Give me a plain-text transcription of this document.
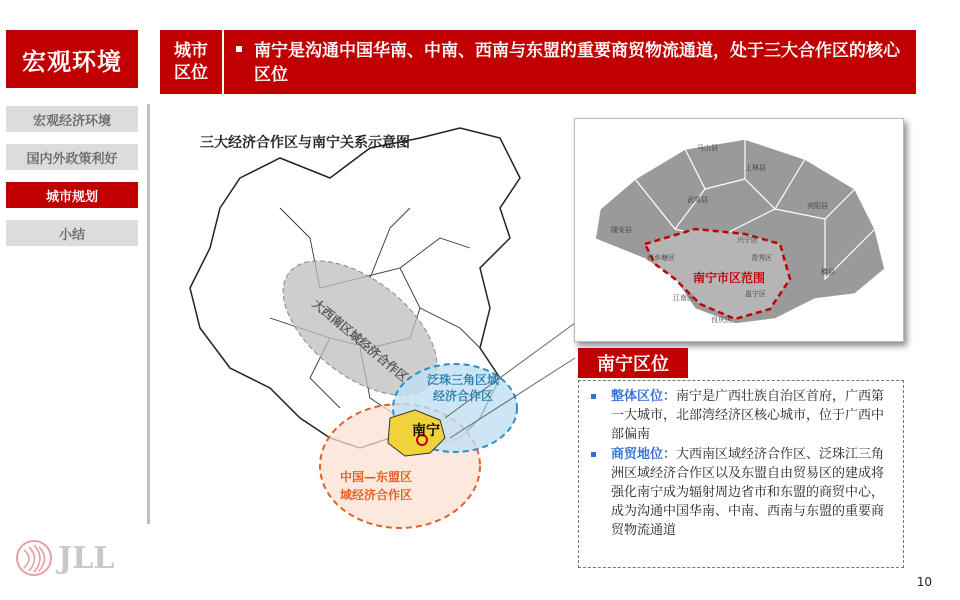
宏观环境	城市
区位
南宁是沟通中国华南、中南、西南与东盟的重要商贸物流通道，处于三大合作区的核心区位
宏观经济环境
国内外政策利好
城市规划
小结
三大经济合作区与南宁关系示意图
大西南区域经济合作区	泛珠三角区域
经济合作区
中国—东盟区
域经济合作区
南宁
马山县
上林县
武鸣县
宾阳县
隆安县
西乡塘区
兴宁区
青秀区
江南区	邕宁区
良庆区
横县
南宁市区范围
南宁区位
整体区位：南宁是广西壮族自治区首府，广西第一大城市，北部湾经济区核心城市，位于广西中部偏南
商贸地位：大西南区域经济合作区、泛珠江三角洲区域经济合作区以及东盟自由贸易区的建成将强化南宁成为辐射周边省市和东盟的商贸中心，成为沟通中国华南、中南、西南与东盟的重要商贸物流通道
JLL
10
